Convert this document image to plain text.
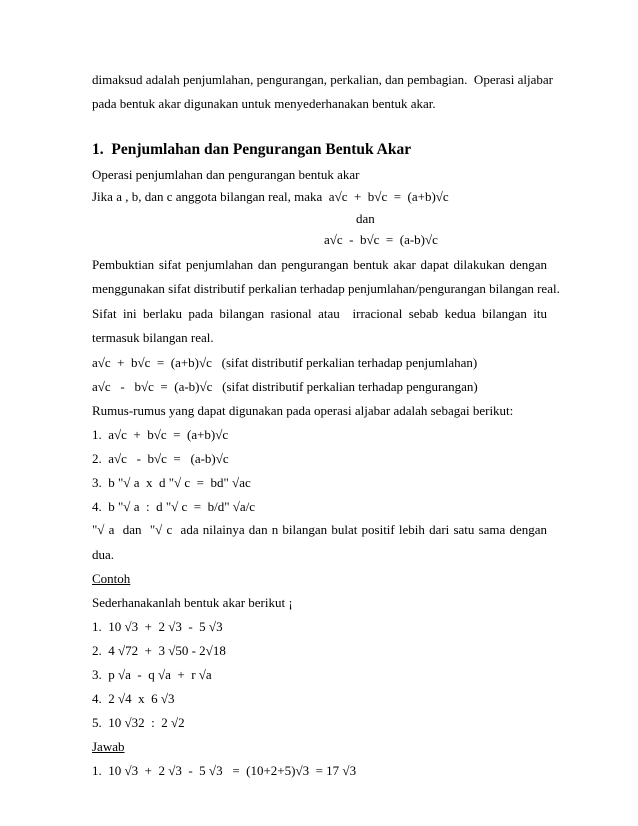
dimaksud adalah penjumlahan, pengurangan, perkalian, dan pembagian.  Operasi aljabar
pada bentuk akar digunakan untuk menyederhanakan bentuk akar.
1.  Penjumlahan dan Pengurangan Bentuk Akar
Operasi penjumlahan dan pengurangan bentuk akar
Jika a , b, dan c anggota bilangan real, maka  a√c  +  b√c  =  (a+b)√c
dan
a√c  -  b√c  =  (a-b)√c
Pembuktian sifat penjumlahan dan pengurangan bentuk akar dapat dilakukan dengan
menggunakan sifat distributif perkalian terhadap penjumlahan/pengurangan bilangan real.
Sifat ini berlaku pada bilangan rasional atau  irracional sebab kedua bilangan itu
termasuk bilangan real.
a√c  +  b√c  =  (a+b)√c   (sifat distributif perkalian terhadap penjumlahan)
a√c   -   b√c  =  (a-b)√c   (sifat distributif perkalian terhadap pengurangan)
Rumus-rumus yang dapat digunakan pada operasi aljabar adalah sebagai berikut:
1.  a√c  +  b√c  =  (a+b)√c
2.  a√c   -  b√c  =   (a-b)√c
3.  b "√ a  x  d "√ c  =  bd" √ac
4.  b "√ a  :  d "√ c  =  b/d" √a/c
"√ a  dan  "√ c  ada nilainya dan n bilangan bulat positif lebih dari satu sama dengan
dua.
Contoh
Sederhanakanlah bentuk akar berikut ¡
1.  10 √3  +  2 √3  -  5 √3
2.  4 √72  +  3 √50 - 2√18
3.  p √a  -  q √a  +  r √a
4.  2 √4  x  6 √3
5.  10 √32  :  2 √2
Jawab
1.  10 √3  +  2 √3  -  5 √3   =  (10+2+5)√3  = 17 √3
